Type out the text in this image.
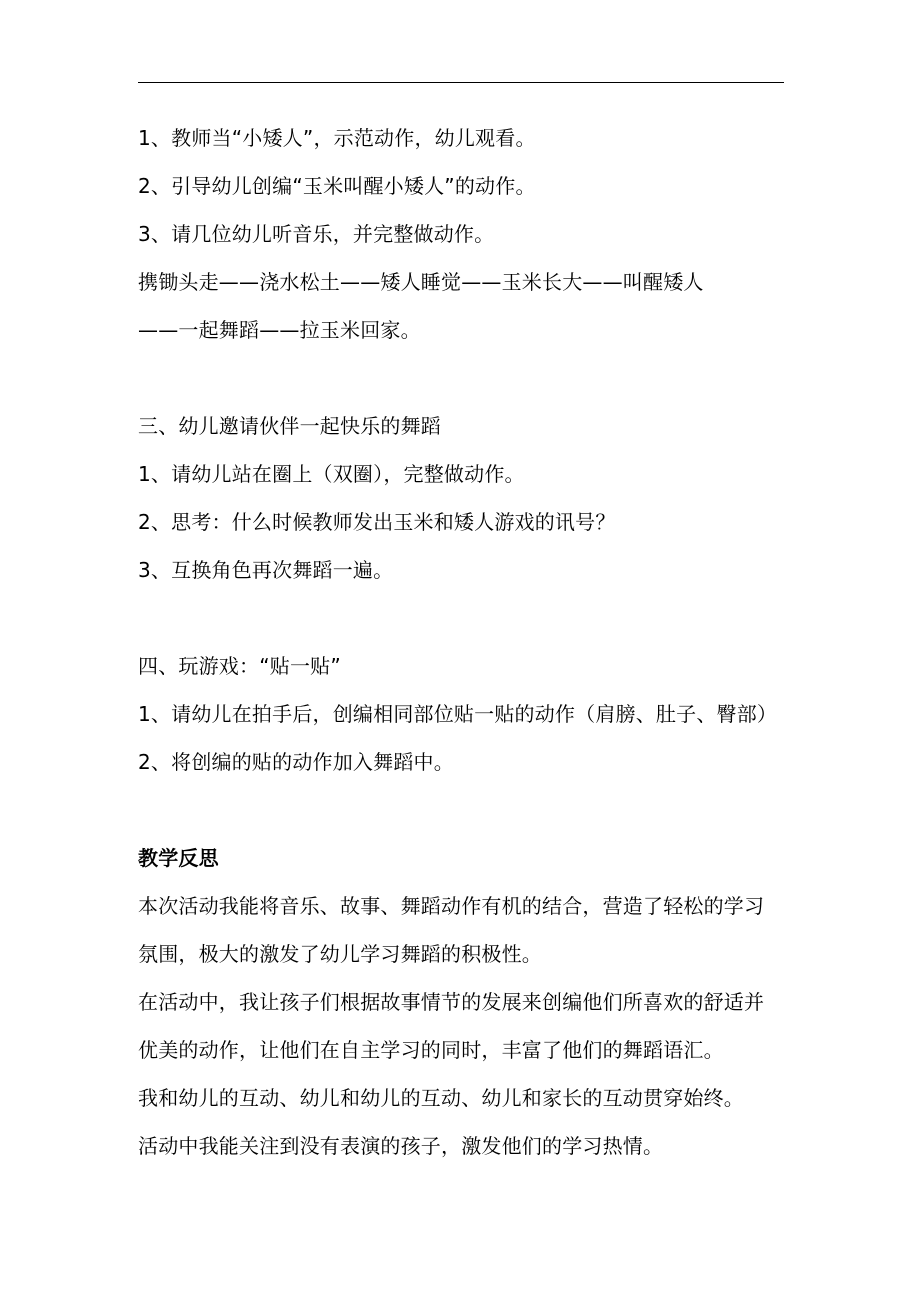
1、教师当“小矮人”，示范动作，幼儿观看。
2、引导幼儿创编“玉米叫醒小矮人”的动作。
3、请几位幼儿听音乐，并完整做动作。
携锄头走——浇水松土——矮人睡觉——玉米长大——叫醒矮人
——一起舞蹈——拉玉米回家。
三、幼儿邀请伙伴一起快乐的舞蹈
1、请幼儿站在圈上（双圈），完整做动作。
2、思考：什么时候教师发出玉米和矮人游戏的讯号？
3、互换角色再次舞蹈一遍。
四、玩游戏：“贴一贴”
1、请幼儿在拍手后，创编相同部位贴一贴的动作（肩膀、肚子、臀部）
2、将创编的贴的动作加入舞蹈中。
教学反思
本次活动我能将音乐、故事、舞蹈动作有机的结合，营造了轻松的学习
氛围，极大的激发了幼儿学习舞蹈的积极性。
在活动中，我让孩子们根据故事情节的发展来创编他们所喜欢的舒适并
优美的动作，让他们在自主学习的同时，丰富了他们的舞蹈语汇。
我和幼儿的互动、幼儿和幼儿的互动、幼儿和家长的互动贯穿始终。
活动中我能关注到没有表演的孩子，激发他们的学习热情。
